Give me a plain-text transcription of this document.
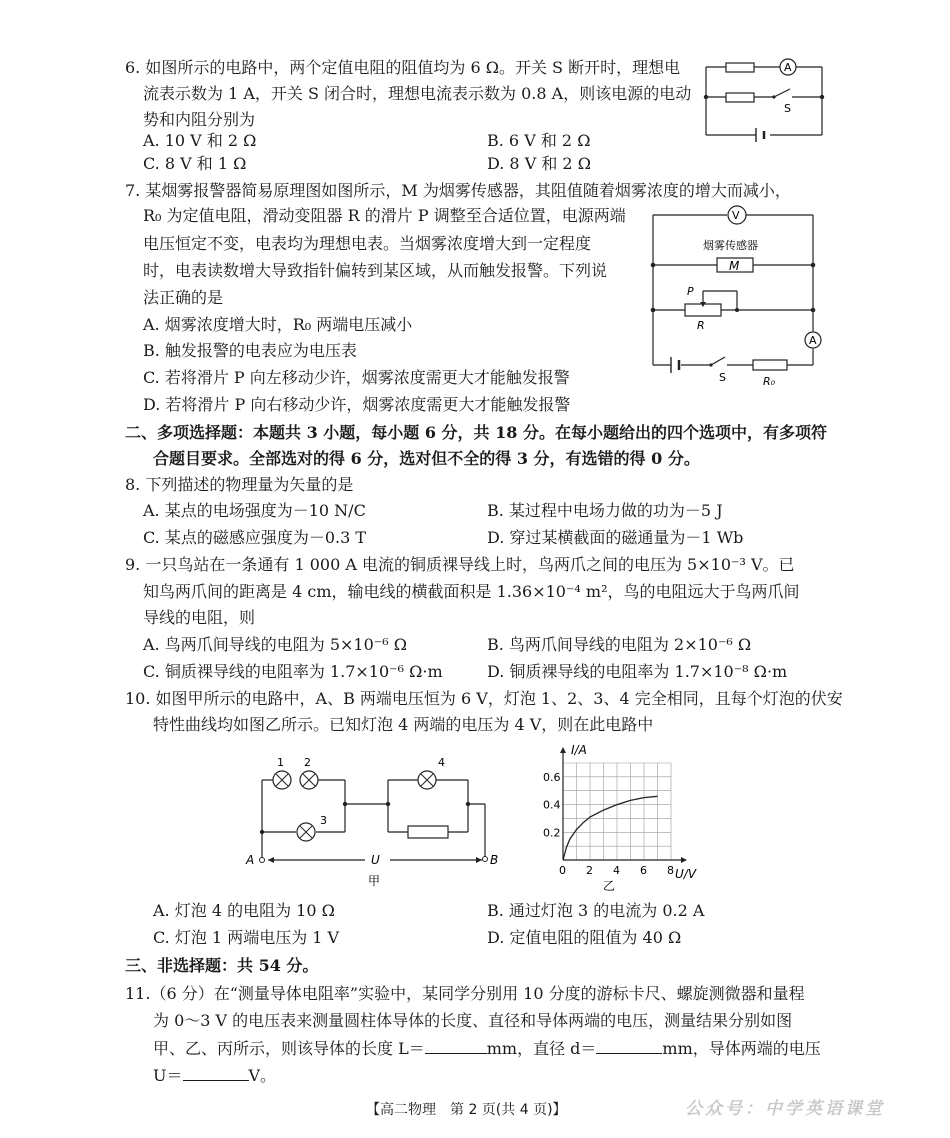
6. 如图所示的电路中，两个定值电阻的阻值均为 6 Ω。开关 S 断开时，理想电
流表示数为 1 A，开关 S 闭合时，理想电流表示数为 0.8 A，则该电源的电动
势和内阻分别为
A. 10 V 和 2 Ω	B. 6 V 和 2 Ω
C. 8 V 和 1 Ω	D. 8 V 和 2 Ω
A
S
7. 某烟雾报警器简易原理图如图所示，M 为烟雾传感器，其阻值随着烟雾浓度的增大而减小，
R₀ 为定值电阻，滑动变阻器 R 的滑片 P 调整至合适位置，电源两端
电压恒定不变，电表均为理想电表。当烟雾浓度增大到一定程度
时，电表读数增大导致指针偏转到某区域，从而触发报警。下列说
法正确的是
A. 烟雾浓度增大时，R₀ 两端电压减小
B. 触发报警的电表应为电压表
C. 若将滑片 P 向左移动少许，烟雾浓度需更大才能触发报警
D. 若将滑片 P 向右移动少许，烟雾浓度需更大才能触发报警
V
烟雾传感器
M
P
R
A
S	R₀
二、多项选择题：本题共 3 小题，每小题 6 分，共 18 分。在每小题给出的四个选项中，有多项符
合题目要求。全部选对的得 6 分，选对但不全的得 3 分，有选错的得 0 分。
8. 下列描述的物理量为矢量的是
A. 某点的电场强度为－10 N/C	B. 某过程中电场力做的功为－5 J
C. 某点的磁感应强度为－0.3 T	D. 穿过某横截面的磁通量为－1 Wb
9. 一只鸟站在一条通有 1 000 A 电流的铜质裸导线上时，鸟两爪之间的电压为 5×10⁻³ V。已
知鸟两爪间的距离是 4 cm，输电线的横截面积是 1.36×10⁻⁴ m²，鸟的电阻远大于鸟两爪间
导线的电阻，则
A. 鸟两爪间导线的电阻为 5×10⁻⁶ Ω	B. 鸟两爪间导线的电阻为 2×10⁻⁶ Ω
C. 铜质裸导线的电阻率为 1.7×10⁻⁶ Ω·m	D. 铜质裸导线的电阻率为 1.7×10⁻⁸ Ω·m
10. 如图甲所示的电路中，A、B 两端电压恒为 6 V，灯泡 1、2、3、4 完全相同，且每个灯泡的伏安
特性曲线均如图乙所示。已知灯泡 4 两端的电压为 4 V，则在此电路中
1 2
3
4
A	B
U
甲
0 2 4 6 8
0.2
0.4
0.6
I/A
U/V
乙
A. 灯泡 4 的电阻为 10 Ω	B. 通过灯泡 3 的电流为 0.2 A
C. 灯泡 1 两端电压为 1 V	D. 定值电阻的阻值为 40 Ω
三、非选择题：共 54 分。
11.（6 分）在“测量导体电阻率”实验中，某同学分别用 10 分度的游标卡尺、螺旋测微器和量程
为 0～3 V 的电压表来测量圆柱体导体的长度、直径和导体两端的电压，测量结果分别如图
甲、乙、丙所示，则该导体的长度 L＝	mm，直径 d＝	mm，导体两端的电压
U＝	V。
【高二物理　第 2 页(共 4 页)】	公众号：中学英语课堂
